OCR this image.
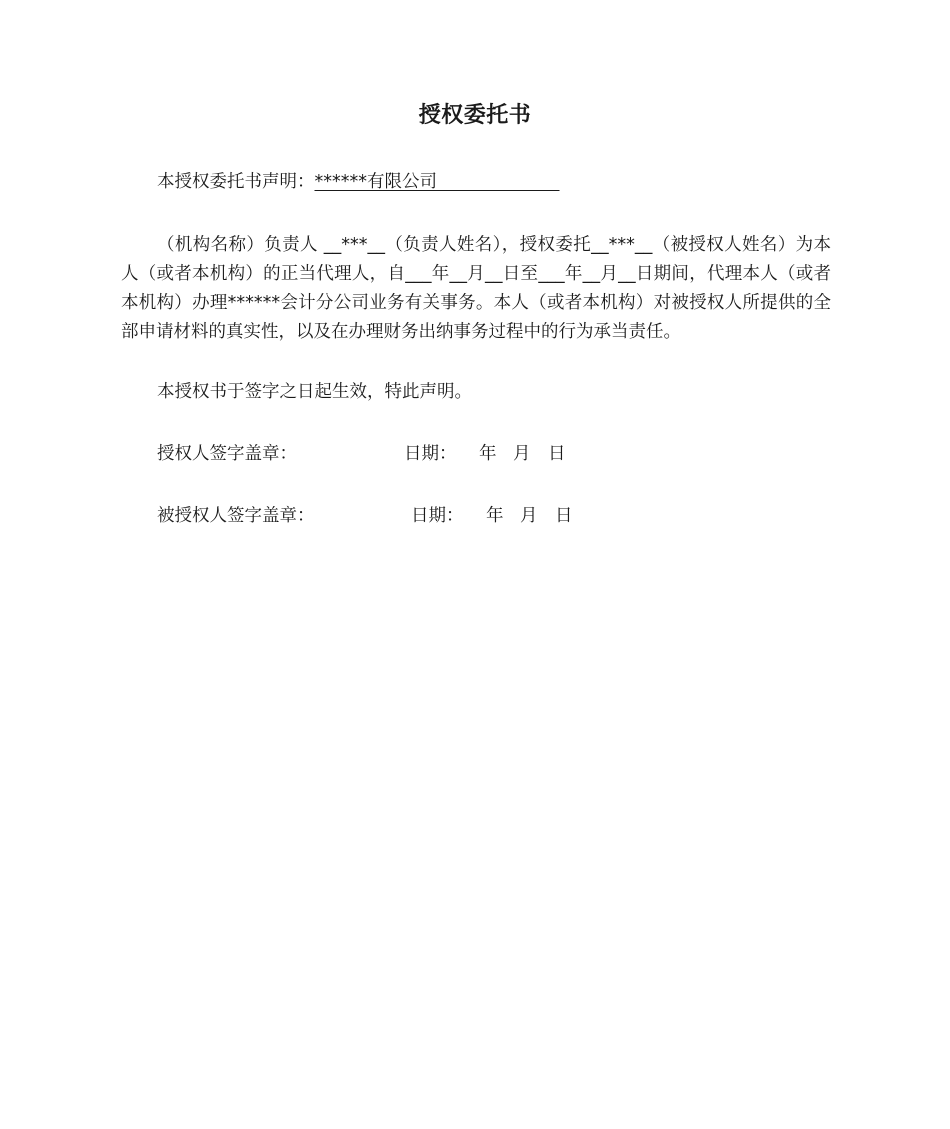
授权委托书
本授权委托书声明：******有限公司　　　　　　　
（机构名称）负责人 __***__（负责人姓名），授权委托__***__（被授权人姓名）为本人（或者本机构）的正当代理人，自___年__月__日至___年__月__日期间，代理本人（或者本机构）办理******会计分公司业务有关事务。本人（或者本机构）对被授权人所提供的全部申请材料的真实性，以及在办理财务出纳事务过程中的行为承当责任。
本授权书于签字之日起生效，特此声明。
授权人签字盖章：	日期： 年 月 日
被授权人签字盖章：	日期： 年 月 日
